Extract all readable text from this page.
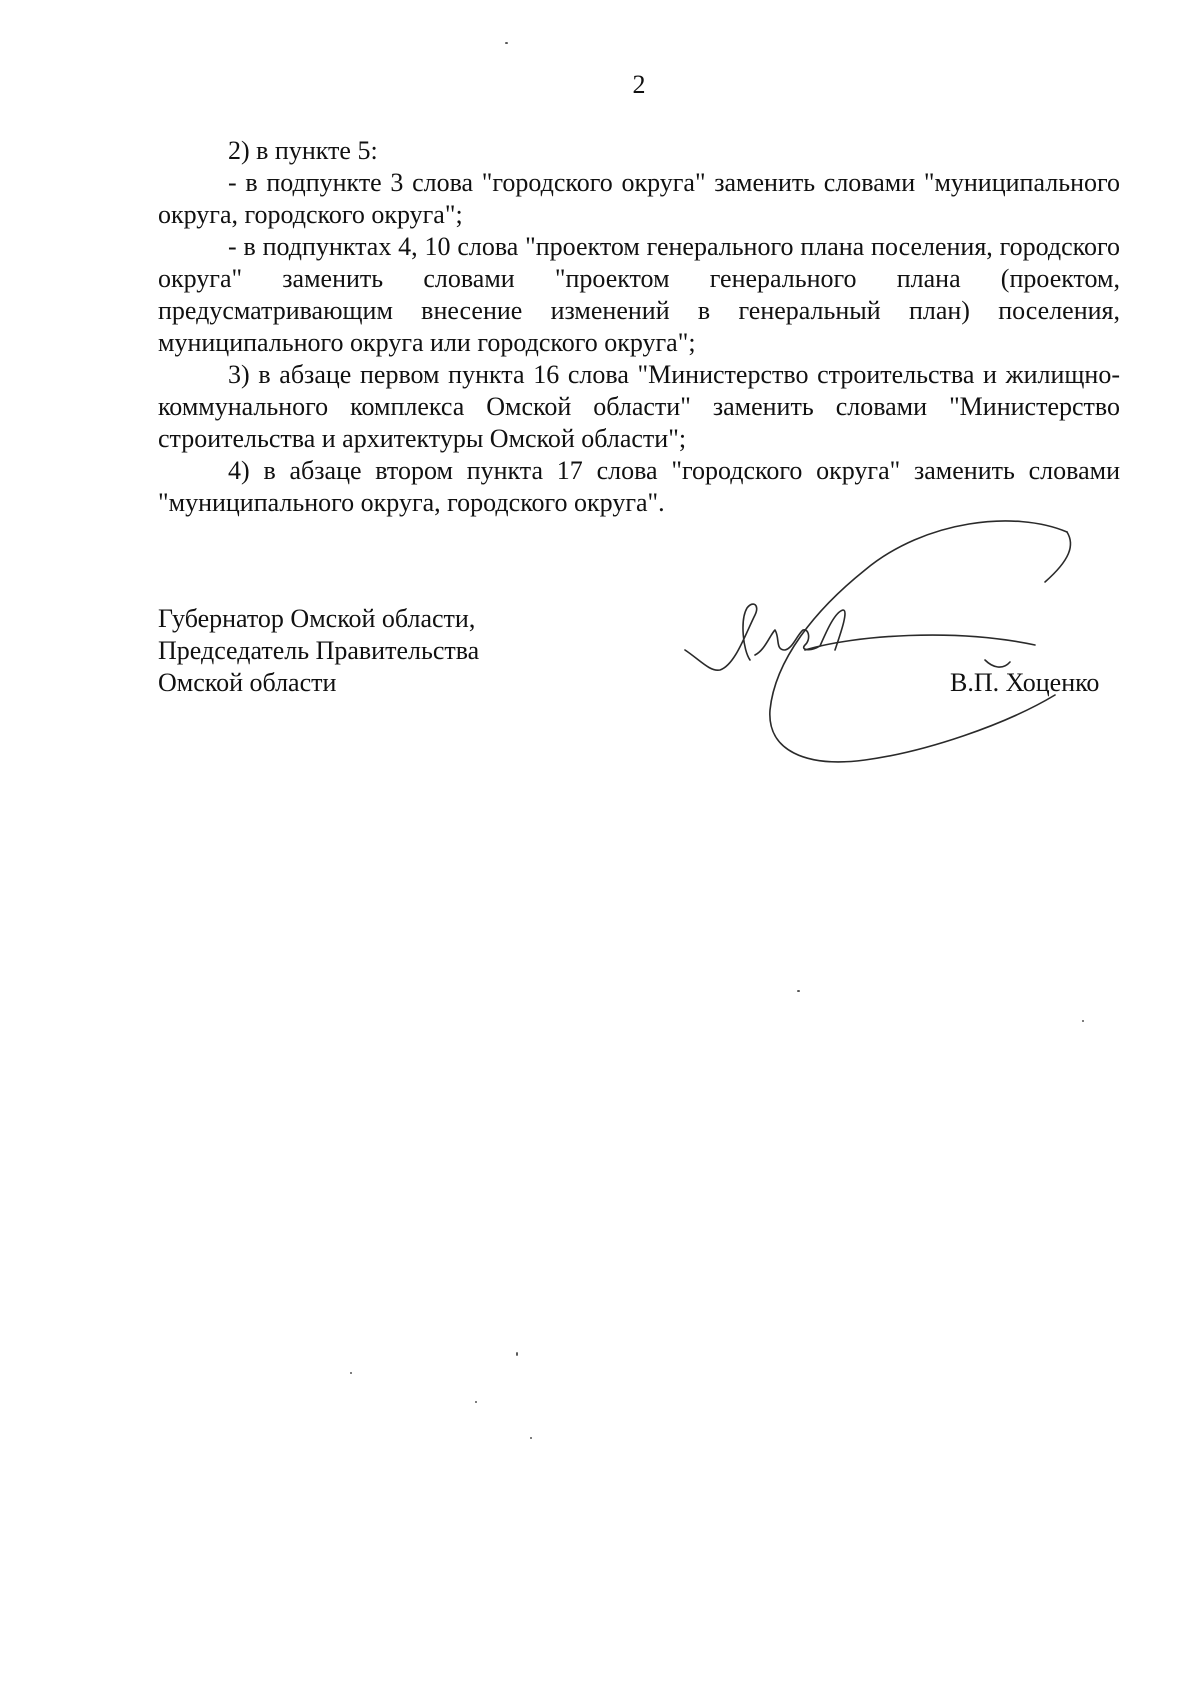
2

2) в пункте 5:

- в подпункте 3 слова "городского округа" заменить словами "муниципального округа, городского округа";

- в подпунктах 4, 10 слова "проектом генерального плана поселения, городского округа" заменить словами "проектом генерального плана (проектом, предусматривающим внесение изменений в генеральный план) поселения, муниципального округа или городского округа";

3) в абзаце первом пункта 16 слова "Министерство строительства и жилищно-коммунального комплекса Омской области" заменить словами "Министерство строительства и архитектуры Омской области";

4) в абзаце втором пункта 17 слова "городского округа" заменить словами "муниципального округа, городского округа".

Губернатор Омской области,
Председатель Правительства
Омской области	В.П. Хоценко
